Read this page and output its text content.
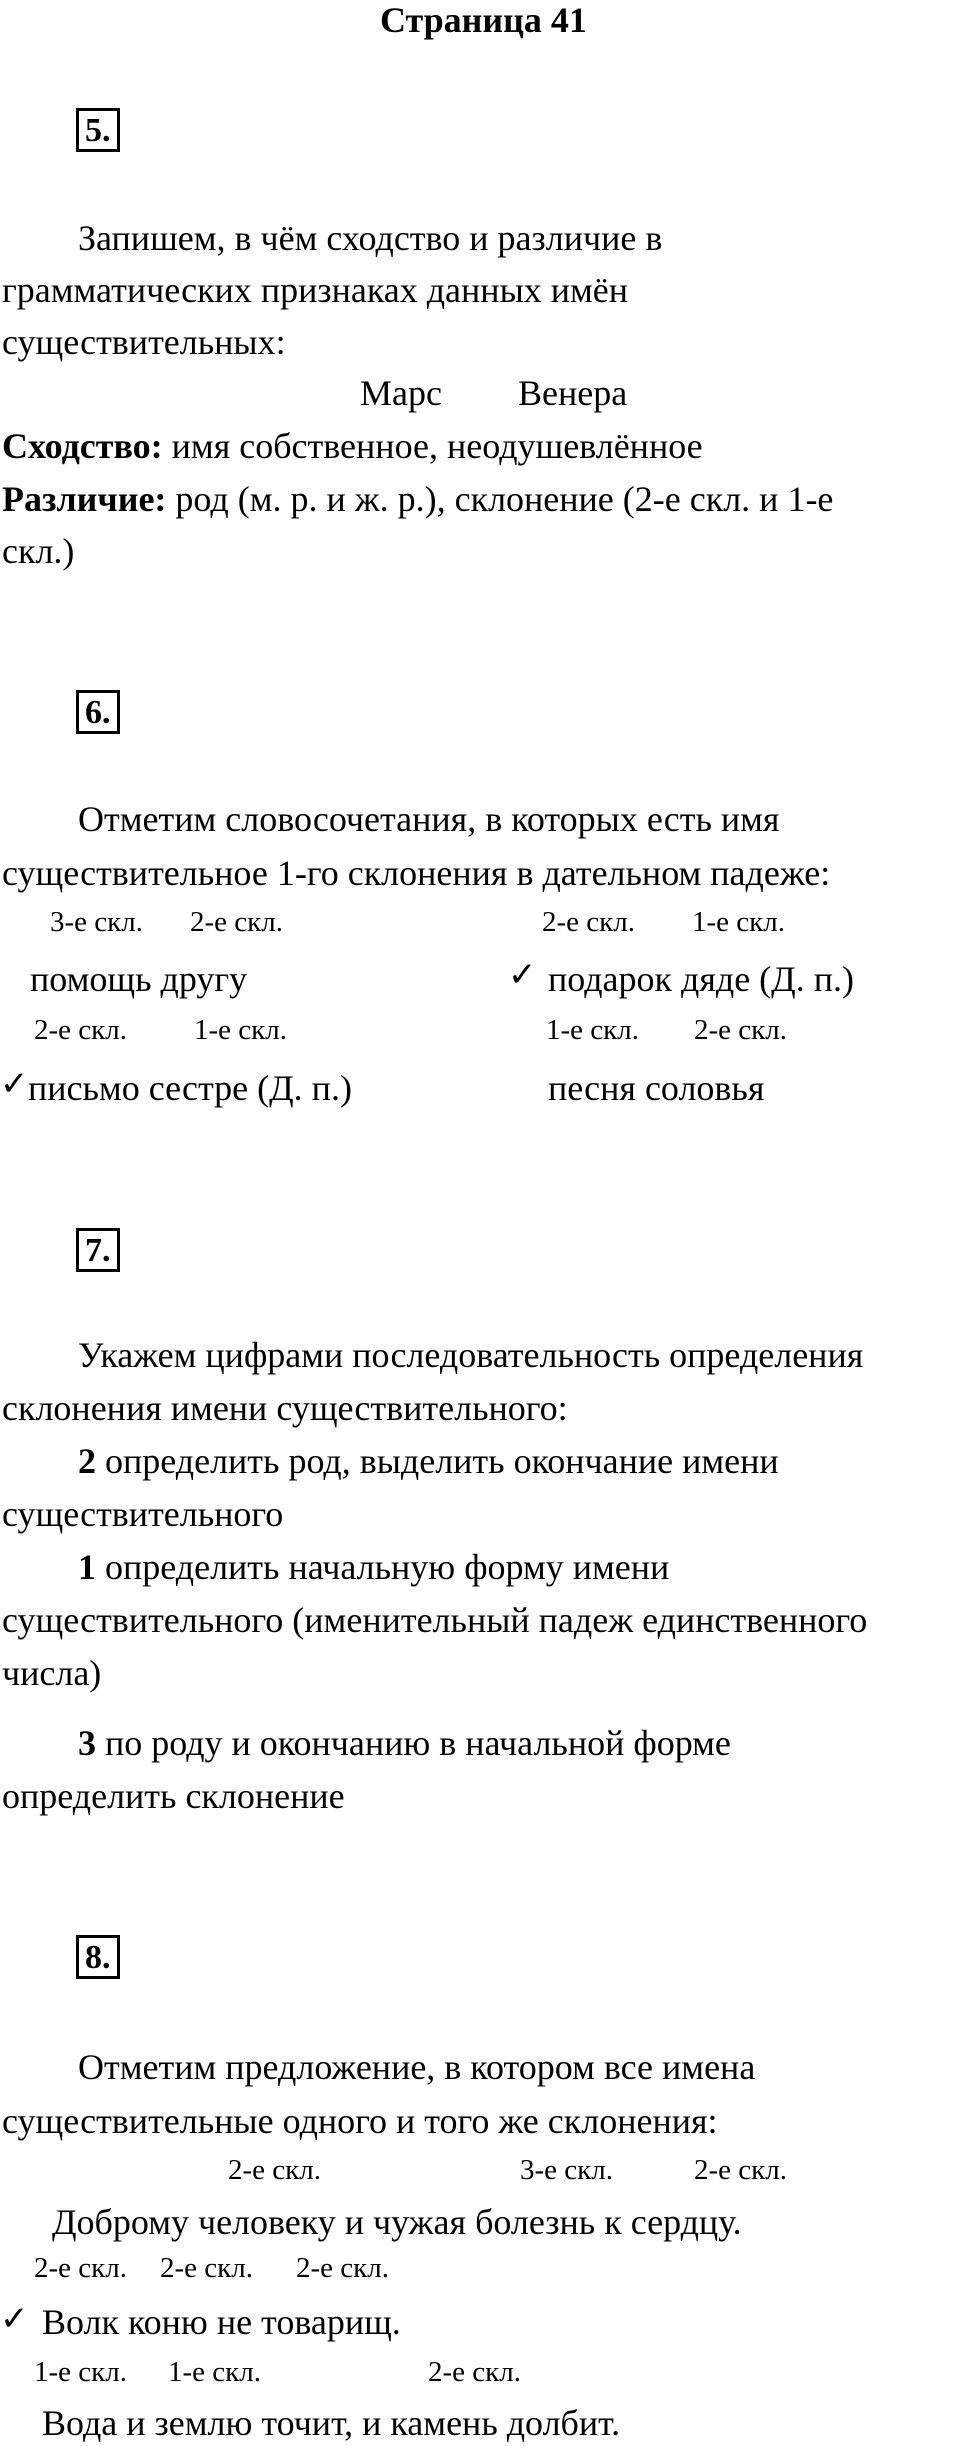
Страница 41
5.
Запишем, в чём сходство и различие в
грамматических признаках данных имён
существительных:
Марс Венера
Сходство: имя собственное, неодушевлённое
Различие: род (м. р. и ж. р.), склонение (2-е скл. и 1-е
скл.)
6.
Отметим словосочетания, в которых есть имя
существительное 1-го склонения в дательном падеже:
3-е скл. 2-е скл.	2-е скл. 1-е скл.
помощь другу	✓ подарок дяде (Д. п.)
2-е скл. 1-е скл.	1-е скл. 2-е скл.
✓ письмо сестре (Д. п.)	песня соловья
7.
Укажем цифрами последовательность определения
склонения имени существительного:
2 определить род, выделить окончание имени
существительного
1 определить начальную форму имени
существительного (именительный падеж единственного
числа)
3 по роду и окончанию в начальной форме
определить склонение
8.
Отметим предложение, в котором все имена
существительные одного и того же склонения:
2-е скл.	3-е скл.	2-е скл.
Доброму человеку и чужая болезнь к сердцу.
2-е скл. 2-е скл. 2-е скл.
✓ Волк коню не товарищ.
1-е скл. 1-е скл.	2-е скл.
Вода и землю точит, и камень долбит.
